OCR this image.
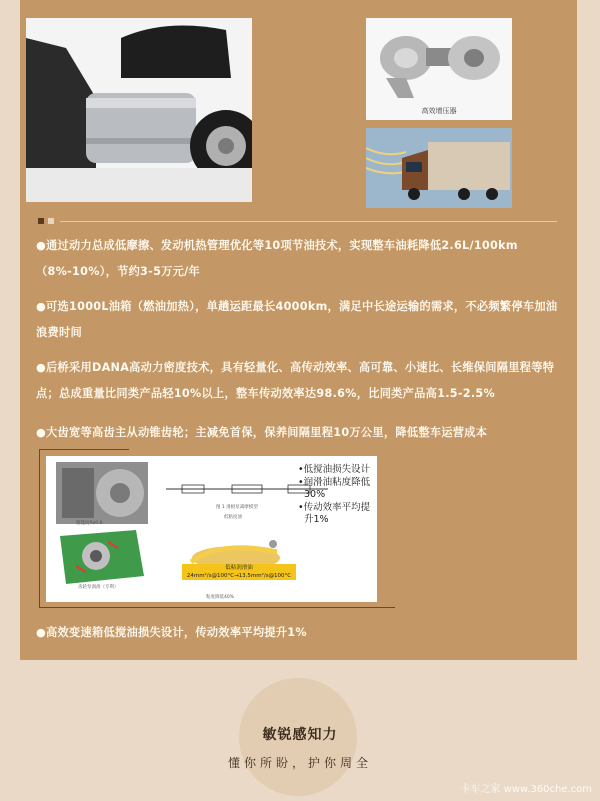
高效增压器

●通过动力总成低摩擦、发动机热管理优化等10项节油技术，实现整车油耗降低2.6L/100km（8%-10%），节约3-5万元/年

●可选1000L油箱（燃油加热），单趟运距最长4000km，满足中长途运输的需求，不必频繁停车加油浪费时间

●后桥采用DANA高动力密度技术，具有轻量化、高传动效率、高可靠、小速比、长维保间隔里程等特点；总成重量比同类产品轻10%以上，整车传动效率达98.6%，比同类产品高1.5-2.5%

●大齿宽等高齿主从动锥齿轮；主减免首保，保养间隔里程10万公里，降低整车运营成本

粗糙度Ra0.8
齿轮泵润滑（专利）
图 1 滑板泵减摩模型
低粘度油
低粘润滑油
24mm²/s@100°C→13.5mm²/s@100°C
粘度降低40%
•低搅油损失设计
•润滑油粘度降低30%
•传动效率平均提升1%

●高效变速箱低搅油损失设计，传动效率平均提升1%

敏锐感知力
懂你所盼，护你周全
卡车之家 www.360che.com
